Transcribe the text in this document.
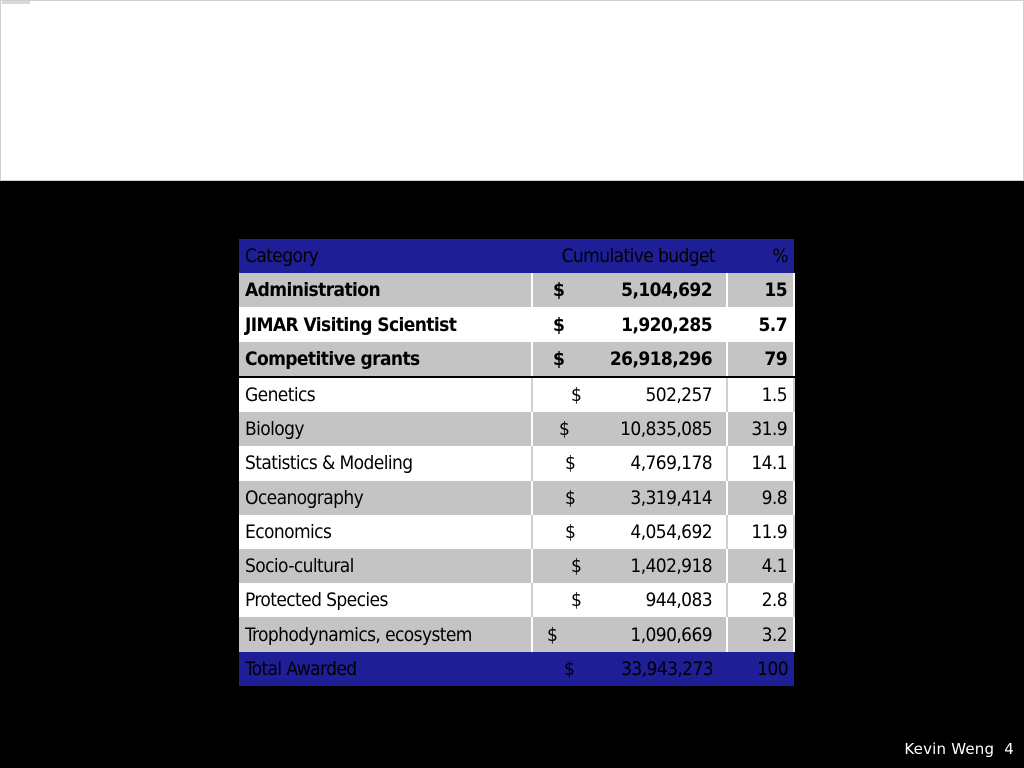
Category	Cumulative budget	%
Administration	$ 5,104,692	15
JIMAR Visiting Scientist	$ 1,920,285	5.7
Competitive grants	$ 26,918,296	79
Genetics	$ 502,257	1.5
Biology	$ 10,835,085	31.9
Statistics & Modeling	$ 4,769,178	14.1
Oceanography	$ 3,319,414	9.8
Economics	$ 4,054,692	11.9
Socio-cultural	$ 1,402,918	4.1
Protected Species	$ 944,083	2.8
Trophodynamics, ecosystem	$ 1,090,669	3.2
Total Awarded	$ 33,943,273	100
Kevin Weng 4
